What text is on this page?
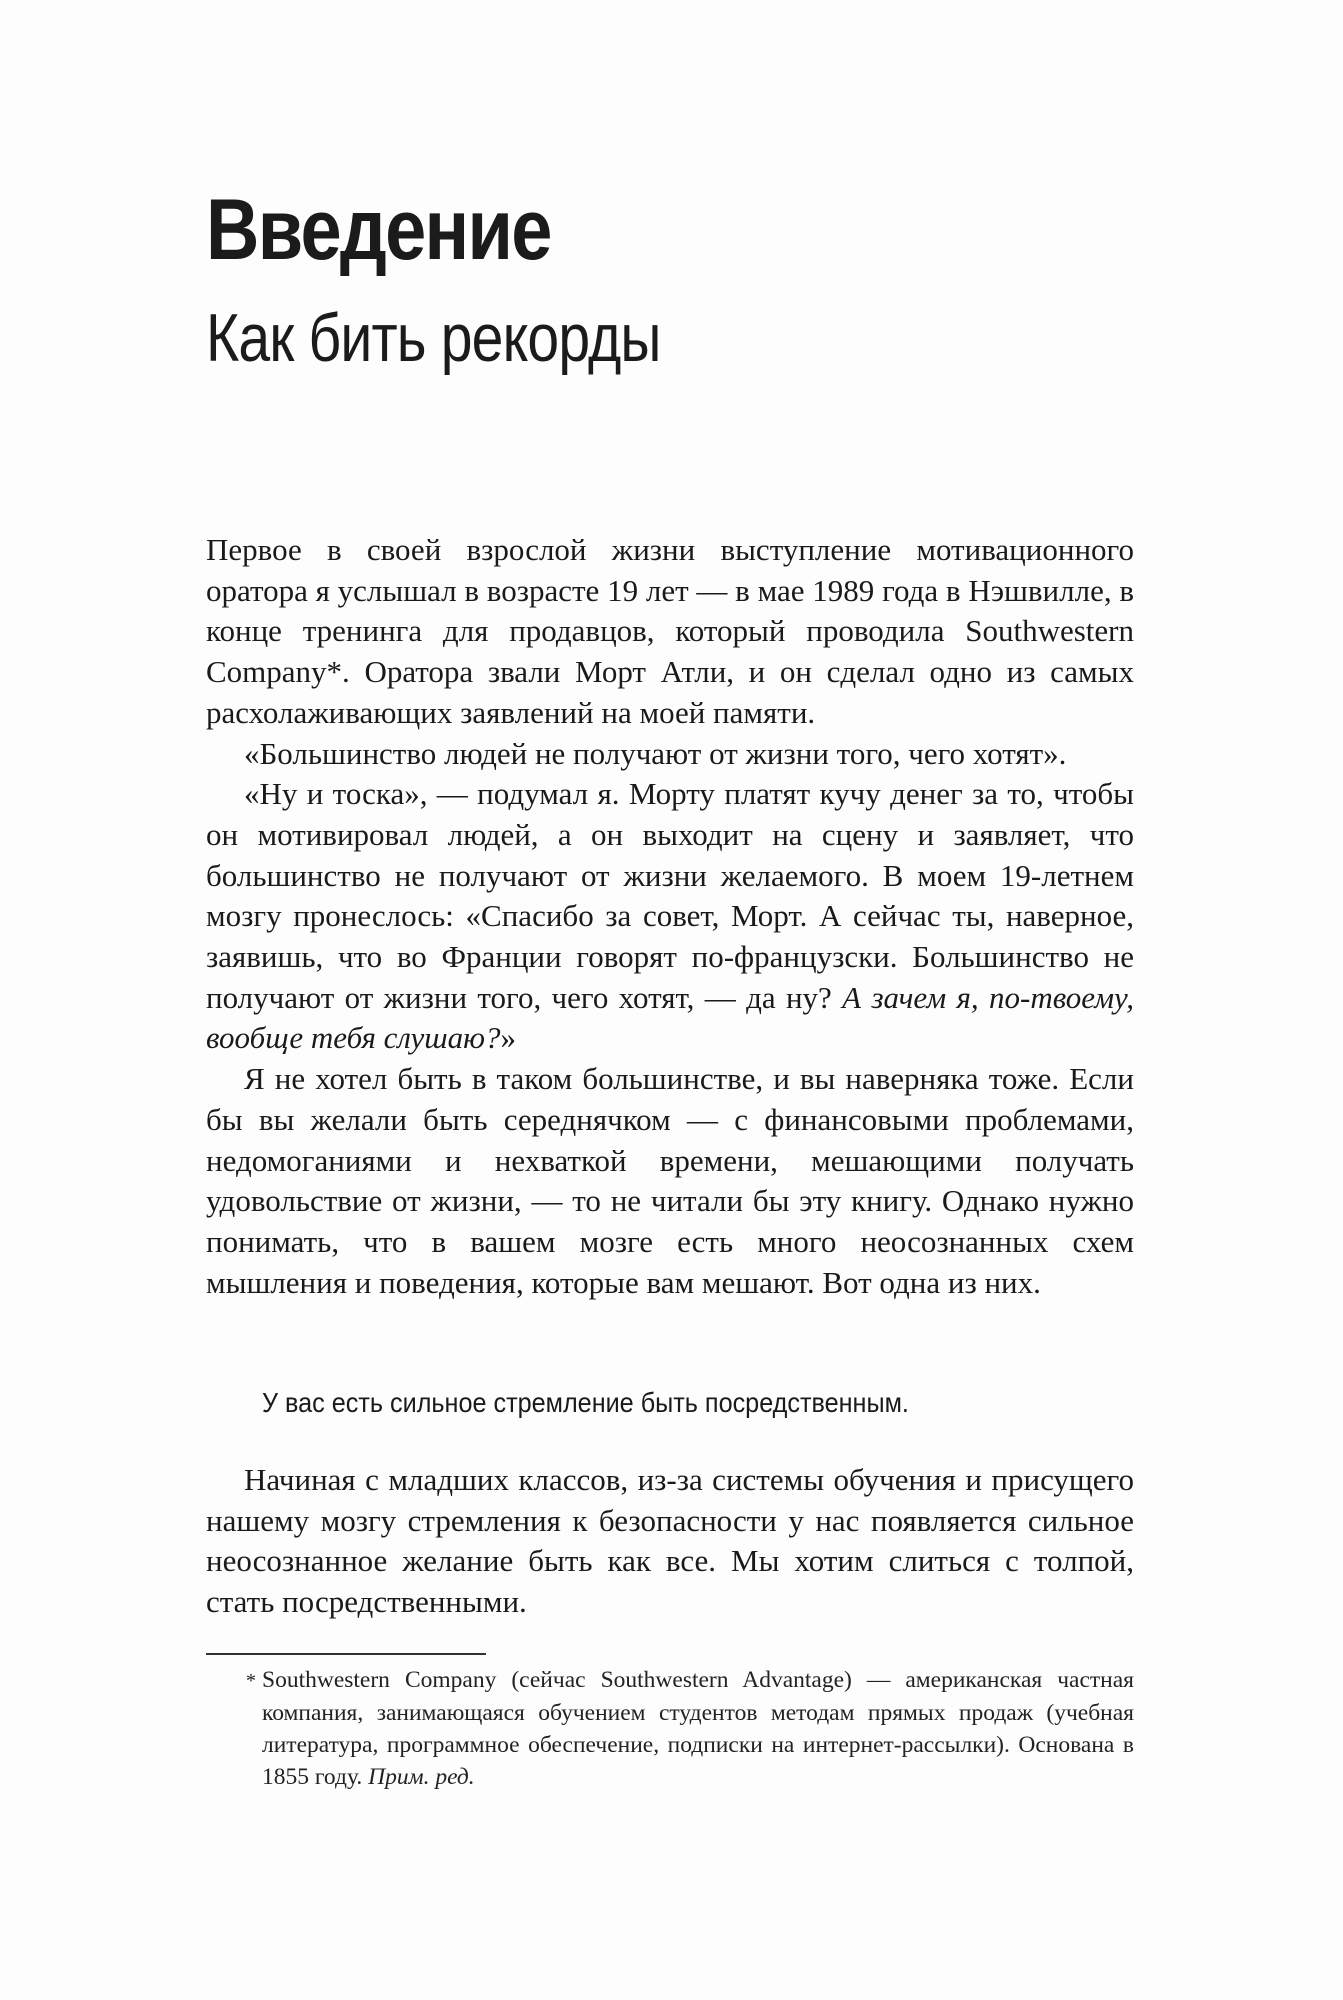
Введение
Как бить рекорды

Первое в своей взрослой жизни выступление мотивационного оратора я услышал в возрасте 19 лет — в мае 1989 года в Нэшвилле, в конце тренинга для продавцов, который проводила Southwestern Company*. Оратора звали Морт Атли, и он сделал одно из самых расхолаживающих заявлений на моей памяти.

«Большинство людей не получают от жизни того, чего хотят».

«Ну и тоска», — подумал я. Морту платят кучу денег за то, чтобы он мотивировал людей, а он выходит на сцену и заявляет, что большинство не получают от жизни желаемого. В моем 19-летнем мозгу пронеслось: «Спасибо за совет, Морт. А сейчас ты, наверное, заявишь, что во Франции говорят по-французски. Большинство не получают от жизни того, чего хотят, — да ну? А зачем я, по-твоему, вообще тебя слушаю?»

Я не хотел быть в таком большинстве, и вы наверняка тоже. Если бы вы желали быть середнячком — с финансовыми проблемами, недомоганиями и нехваткой времени, мешающими получать удовольствие от жизни, — то не читали бы эту книгу. Однако нужно понимать, что в вашем мозге есть много неосознанных схем мышления и поведения, которые вам мешают. Вот одна из них.

У вас есть сильное стремление быть посредственным.

Начиная с младших классов, из-за системы обучения и присущего нашему мозгу стремления к безопасности у нас появляется сильное неосознанное желание быть как все. Мы хотим слиться с толпой, стать посредственными.

* Southwestern Company (сейчас Southwestern Advantage) — американская частная компания, занимающаяся обучением студентов методам прямых продаж (учебная литература, программное обеспечение, подписки на интернет-рассылки). Основана в 1855 году. Прим. ред.
